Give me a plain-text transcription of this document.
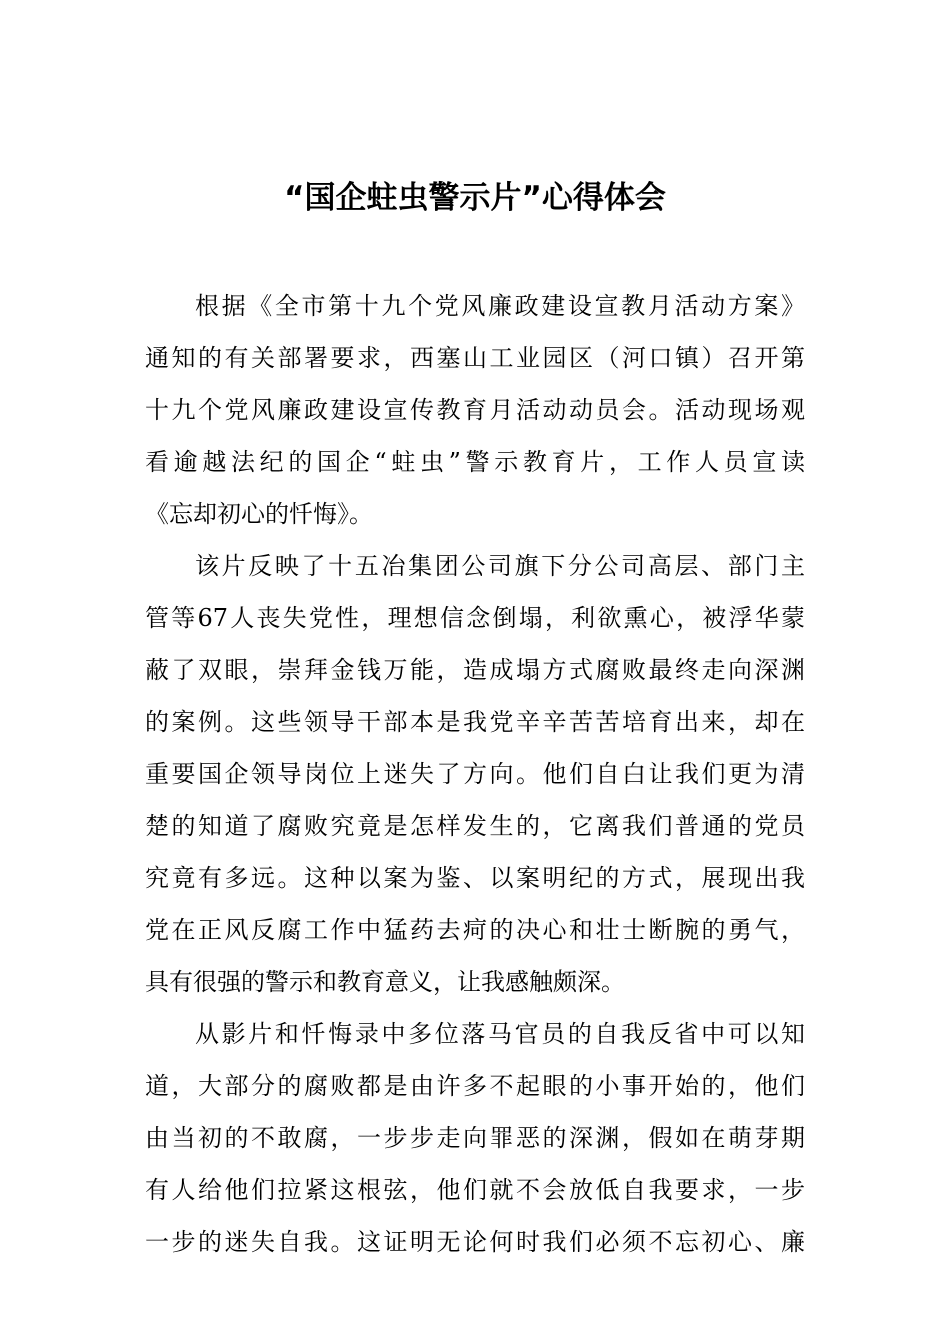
“国企蛀虫警示片”心得体会
根据《全市第十九个党风廉政建设宣教月活动方案》
通知的有关部署要求，西塞山工业园区（河口镇）召开第
十九个党风廉政建设宣传教育月活动动员会。活动现场观
看逾越法纪的国企“蛀虫”警示教育片，工作人员宣读
《忘却初心的忏悔》。
该片反映了十五冶集团公司旗下分公司高层、部门主
管等67人丧失党性，理想信念倒塌，利欲熏心，被浮华蒙
蔽了双眼，崇拜金钱万能，造成塌方式腐败最终走向深渊
的案例。这些领导干部本是我党辛辛苦苦培育出来，却在
重要国企领导岗位上迷失了方向。他们自白让我们更为清
楚的知道了腐败究竟是怎样发生的，它离我们普通的党员
究竟有多远。这种以案为鉴、以案明纪的方式，展现出我
党在正风反腐工作中猛药去疴的决心和壮士断腕的勇气，
具有很强的警示和教育意义，让我感触颇深。
从影片和忏悔录中多位落马官员的自我反省中可以知
道，大部分的腐败都是由许多不起眼的小事开始的，他们
由当初的不敢腐，一步步走向罪恶的深渊，假如在萌芽期
有人给他们拉紧这根弦，他们就不会放低自我要求，一步
一步的迷失自我。这证明无论何时我们必须不忘初心、廉
